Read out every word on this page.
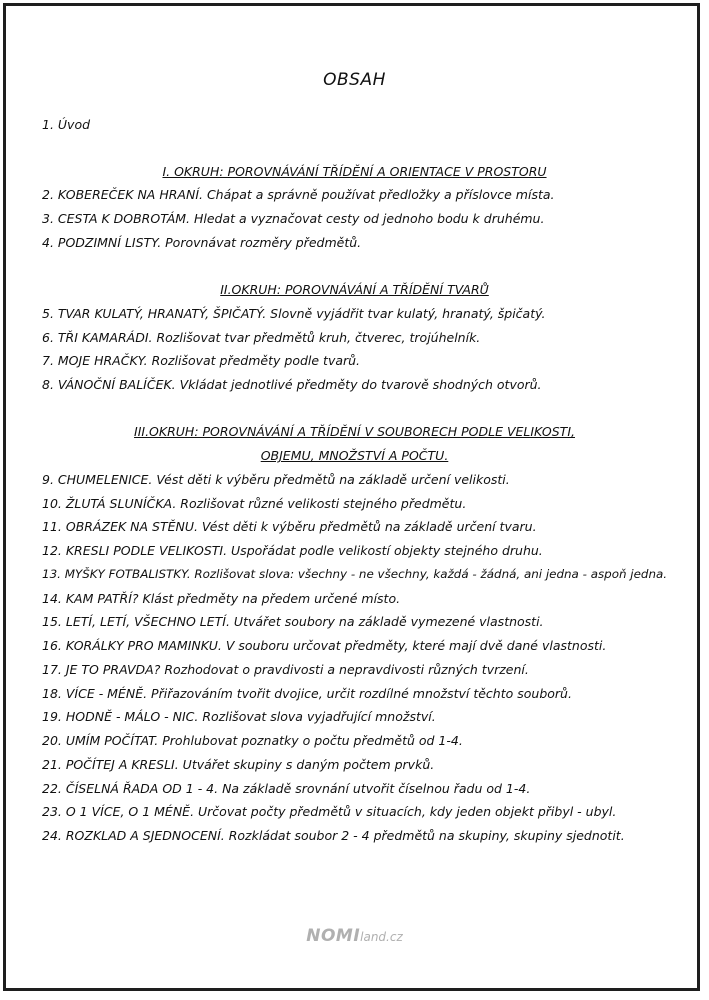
OBSAH
1. Úvod
I. OKRUH: POROVNÁVÁNÍ TŘÍDĚNÍ A ORIENTACE V PROSTORU
2. KOBEREČEK NA HRANÍ. Chápat a správně používat předložky a příslovce místa.
3. CESTA K DOBROTÁM. Hledat a vyznačovat cesty od jednoho bodu k druhému.
4. PODZIMNÍ LISTY. Porovnávat rozměry předmětů.
II.OKRUH: POROVNÁVÁNÍ A TŘÍDĚNÍ TVARŮ
5. TVAR KULATÝ, HRANATÝ, ŠPIČATÝ. Slovně vyjádřit tvar kulatý, hranatý, špičatý.
6. TŘI KAMARÁDI. Rozlišovat tvar předmětů kruh, čtverec, trojúhelník.
7. MOJE HRAČKY. Rozlišovat předměty podle tvarů.
8. VÁNOČNÍ BALÍČEK. Vkládat jednotlivé předměty do tvarově shodných otvorů.
III.OKRUH: POROVNÁVÁNÍ A TŘÍDĚNÍ V SOUBORECH PODLE VELIKOSTI,
OBJEMU, MNOŽSTVÍ A POČTU.
9. CHUMELENICE. Vést děti k výběru předmětů na základě určení velikosti.
10. ŽLUTÁ SLUNÍČKA. Rozlišovat různé velikosti stejného předmětu.
11. OBRÁZEK NA STĚNU. Vést děti k výběru předmětů na základě určení tvaru.
12. KRESLI PODLE VELIKOSTI. Uspořádat podle velikostí objekty stejného druhu.
13. MYŠKY FOTBALISTKY. Rozlišovat slova: všechny - ne všechny, každá - žádná, ani jedna - aspoň jedna.
14. KAM PATŘÍ? Klást předměty na předem určené místo.
15. LETÍ, LETÍ, VŠECHNO LETÍ. Utvářet soubory na základě vymezené vlastnosti.
16. KORÁLKY PRO MAMINKU. V souboru určovat předměty, které mají dvě dané vlastnosti.
17. JE TO PRAVDA? Rozhodovat o pravdivosti a nepravdivosti různých tvrzení.
18. VÍCE - MÉNĚ. Přiřazováním tvořit dvojice, určit rozdílné množství těchto souborů.
19. HODNĚ - MÁLO - NIC. Rozlišovat slova vyjadřující množství.
20. UMÍM POČÍTAT. Prohlubovat poznatky o počtu předmětů od 1-4.
21. POČÍTEJ A KRESLI. Utvářet skupiny s daným počtem prvků.
22. ČÍSELNÁ ŘADA OD 1 - 4. Na základě srovnání utvořit číselnou řadu od 1-4.
23. O 1 VÍCE, O 1 MÉNĚ. Určovat počty předmětů v situacích, kdy jeden objekt přibyl - ubyl.
24. ROZKLAD A SJEDNOCENÍ. Rozkládat soubor 2 - 4 předmětů na skupiny, skupiny sjednotit.
NOMIland.cz
